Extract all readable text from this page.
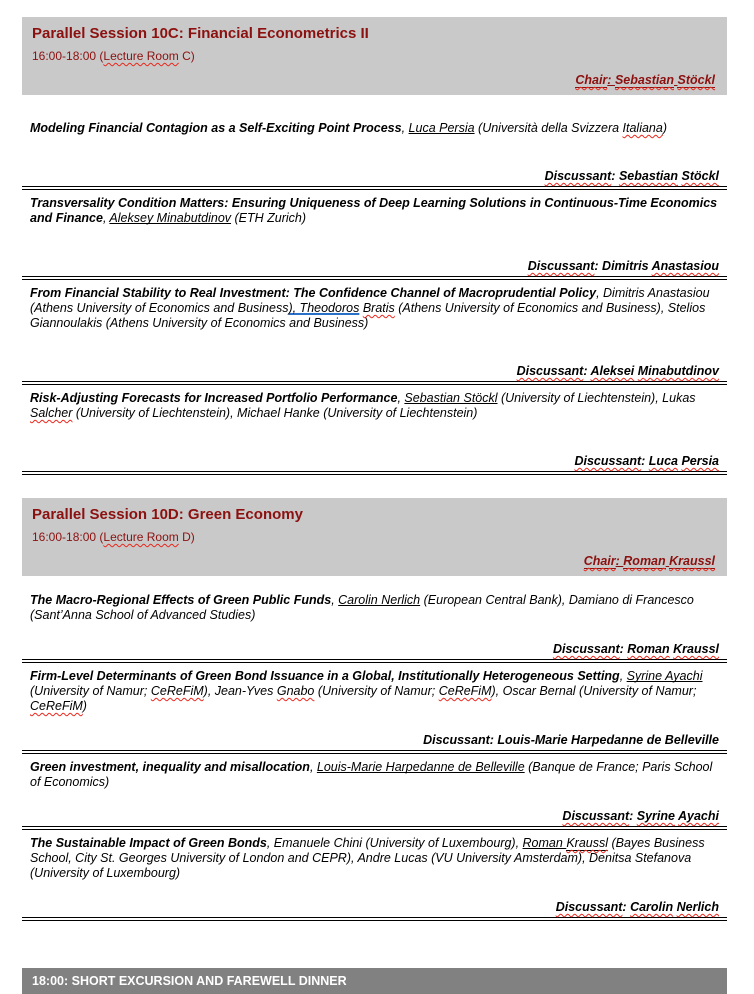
Parallel Session 10C: Financial Econometrics II
16:00-18:00 (Lecture Room C)
Chair: Sebastian Stöckl

Modeling Financial Contagion as a Self-Exciting Point Process, Luca Persia (Università della Svizzera Italiana)

Discussant: Sebastian Stöckl

Transversality Condition Matters: Ensuring Uniqueness of Deep Learning Solutions in Continuous-Time Economics and Finance, Aleksey Minabutdinov (ETH Zurich)

Discussant: Dimitris Anastasiou

From Financial Stability to Real Investment: The Confidence Channel of Macroprudential Policy, Dimitris Anastasiou (Athens University of Economics and Business), Theodoros Bratis (Athens University of Economics and Business), Stelios Giannoulakis (Athens University of Economics and Business)

Discussant: Aleksei Minabutdinov

Risk-Adjusting Forecasts for Increased Portfolio Performance, Sebastian Stöckl (University of Liechtenstein), Lukas Salcher (University of Liechtenstein), Michael Hanke (University of Liechtenstein)

Discussant: Luca Persia

Parallel Session 10D: Green Economy
16:00-18:00 (Lecture Room D)
Chair: Roman Kraussl

The Macro-Regional Effects of Green Public Funds, Carolin Nerlich (European Central Bank), Damiano di Francesco (Sant’Anna School of Advanced Studies)

Discussant: Roman Kraussl

Firm-Level Determinants of Green Bond Issuance in a Global, Institutionally Heterogeneous Setting, Syrine Ayachi (University of Namur; CeReFiM), Jean-Yves Gnabo (University of Namur; CeReFiM), Oscar Bernal (University of Namur; CeReFiM)

Discussant: Louis-Marie Harpedanne de Belleville

Green investment, inequality and misallocation, Louis-Marie Harpedanne de Belleville (Banque de France; Paris School of Economics)

Discussant: Syrine Ayachi

The Sustainable Impact of Green Bonds, Emanuele Chini (University of Luxembourg), Roman Kraussl (Bayes Business School, City St. Georges University of London and CEPR), Andre Lucas (VU University Amsterdam), Denitsa Stefanova (University of Luxembourg)

Discussant: Carolin Nerlich

18:00: SHORT EXCURSION AND FAREWELL DINNER
